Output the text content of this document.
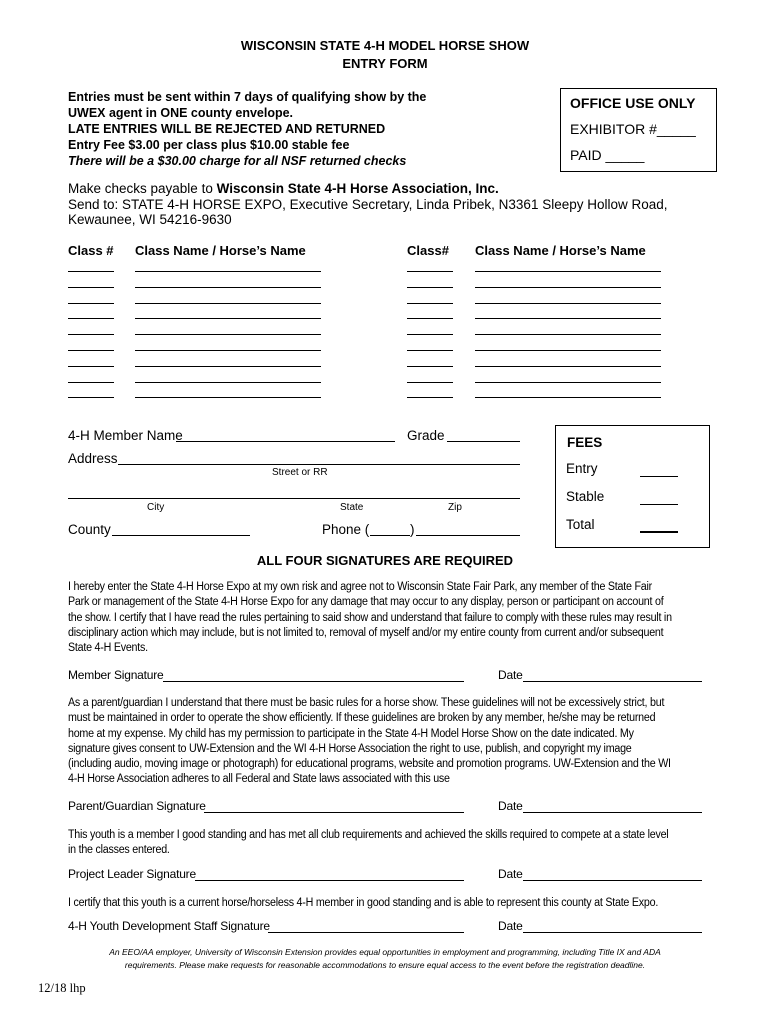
WISCONSIN STATE 4-H MODEL HORSE SHOW
ENTRY FORM
Entries must be sent within 7 days of qualifying show by the
UWEX agent in ONE county envelope.
LATE ENTRIES WILL BE REJECTED AND RETURNED
Entry Fee $3.00 per class plus $10.00 stable fee
There will be a $30.00 charge for all NSF returned checks
OFFICE USE ONLY
EXHIBITOR #_____
PAID _____
Make checks payable to Wisconsin State 4-H Horse Association, Inc.
Send to: STATE 4-H HORSE EXPO, Executive Secretary, Linda Pribek, N3361 Sleepy Hollow Road,
Kewaunee, WI 54216-9630
Class # Class Name / Horse’s Name	Class# Class Name / Horse’s Name
4-H Member Name	Grade
Address
Street or RR
City	State	Zip
County	Phone (	)
FEES
Entry
Stable
Total
ALL FOUR SIGNATURES ARE REQUIRED
I hereby enter the State 4-H Horse Expo at my own risk and agree not to Wisconsin State Fair Park, any member of the State Fair Park or management of the State 4-H Horse Expo for any damage that may occur to any display, person or participant on account of the show. I certify that I have read the rules pertaining to said show and understand that failure to comply with these rules may result in disciplinary action which may include, but is not limited to, removal of myself and/or my entire county from current and/or subsequent State 4-H Events.
Member Signature	Date
As a parent/guardian I understand that there must be basic rules for a horse show. These guidelines will not be excessively strict, but must be maintained in order to operate the show efficiently. If these guidelines are broken by any member, he/she may be returned home at my expense. My child has my permission to participate in the State 4-H Model Horse Show on the date indicated. My signature gives consent to UW-Extension and the WI 4-H Horse Association the right to use, publish, and copyright my image (including audio, moving image or photograph) for educational programs, website and promotion programs. UW-Extension and the WI 4-H Horse Association adheres to all Federal and State laws associated with this use
Parent/Guardian Signature	Date
This youth is a member I good standing and has met all club requirements and achieved the skills required to compete at a state level in the classes entered.
Project Leader Signature	Date
I certify that this youth is a current horse/horseless 4-H member in good standing and is able to represent this county at State Expo.
4-H Youth Development Staff Signature	Date
An EEO/AA employer, University of Wisconsin Extension provides equal opportunities in employment and programming, including Title IX and ADA
requirements. Please make requests for reasonable accommodations to ensure equal access to the event before the registration deadline.
12/18 lhp
